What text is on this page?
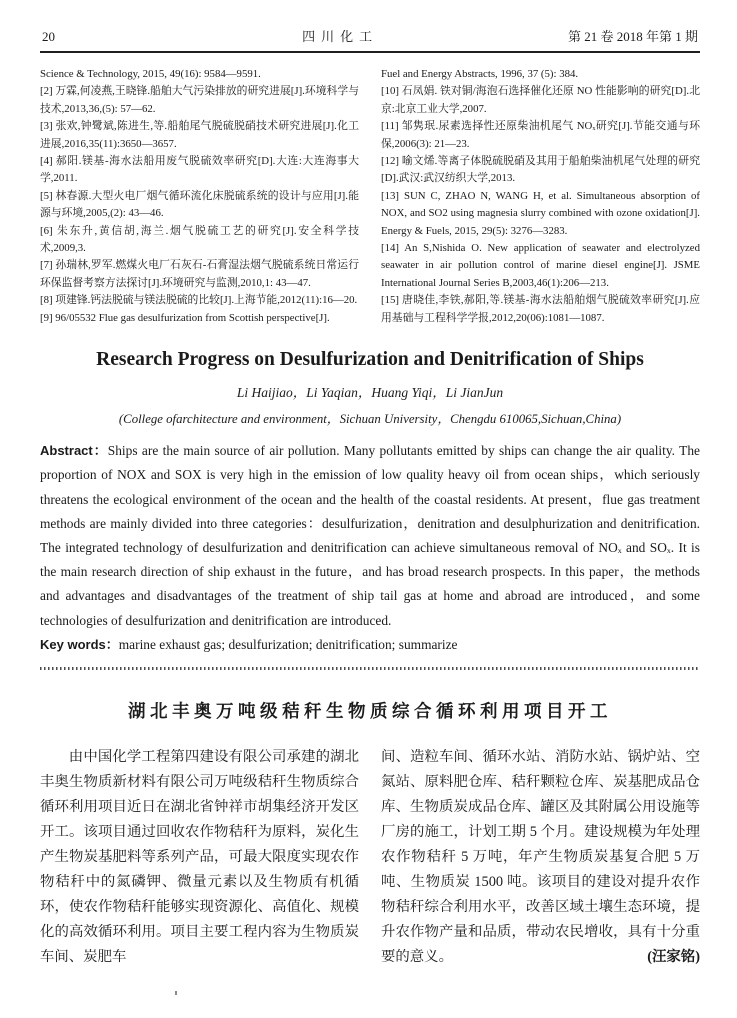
20	四川化工	第 21 卷 2018 年第 1 期

Science & Technology, 2015, 49(16): 9584—9591.

[2] 万霖,何凌燕,王晓锋.船舶大气污染排放的研究进展[J].环境科学与技术,2013,36,(5): 57—62.

[3] 张欢,钟鹭斌,陈进生,等.船舶尾气脱硫脱硝技术研究进展[J].化工进展,2016,35(11):3650—3657.

[4] 郝阳.镁基-海水法船用废气脱硫效率研究[D].大连:大连海事大学,2011.

[5] 林春源.大型火电厂烟气循环流化床脱硫系统的设计与应用[J].能源与环境,2005,(2): 43—46.

[6] 朱东升,黄信胡,海兰.烟气脱硫工艺的研究[J].安全科学技术,2009,3.

[7] 孙瑞林,罗军.燃煤火电厂石灰石-石膏湿法烟气脱硫系统日常运行环保监督考察方法探讨[J].环境研究与监测,2010,1: 43—47.

[8] 项建锋.钙法脱硫与镁法脱硫的比较[J].上海节能,2012(11):16—20.

[9] 96/05532 Flue gas desulfurization from Scottish perspective[J].

Fuel and Energy Abstracts, 1996, 37 (5): 384.

[10] 石凤娟. 铁对铜/海泡石选择催化还原 NO 性能影响的研究[D].北京:北京工业大学,2007.

[11] 邹隽珉.尿素选择性还原柴油机尾气 NOₓ研究[J].节能交通与环保,2006(3): 21—23.

[12] 喻文烯.等离子体脱硫脱硝及其用于船舶柴油机尾气处理的研究[D].武汉:武汉纺织大学,2013.

[13] SUN C, ZHAO N, WANG H, et al. Simultaneous absorption of NOX, and SO2 using magnesia slurry combined with ozone oxidation[J]. Energy & Fuels, 2015, 29(5): 3276—3283.

[14] An S,Nishida O. New application of seawater and electrolyzed seawater in air pollution control of marine diesel engine[J]. JSME International Journal Series B,2003,46(1):206—213.

[15] 唐晓佳,李铁,郝阳,等.镁基-海水法船舶烟气脱硫效率研究[J].应用基础与工程科学学报,2012,20(06):1081—1087.

Research Progress on Desulfurization and Denitrification of Ships
Li Haijiao，Li Yaqian，Huang Yiqi，Li JianJun
(College ofarchitecture and environment，Sichuan University，Chengdu 610065,Sichuan,China)

Abstract：Ships are the main source of air pollution. Many pollutants emitted by ships can change the air quality. The proportion of NOX and SOX is very high in the emission of low quality heavy oil from ocean ships，which seriously threatens the ecological environment of the ocean and the health of the coastal residents. At present，flue gas treatment methods are mainly divided into three categories：desulfurization，denitration and desulphurization and denitrification. The integrated technology of desulfurization and denitrification can achieve simultaneous removal of NOₓ and SOₓ. It is the main research direction of ship exhaust in the future，and has broad research prospects. In this paper，the methods and advantages and disadvantages of the treatment of ship tail gas at home and abroad are introduced，and some technologies of desulfurization and denitrification are introduced.

Key words：marine exhaust gas; desulfurization; denitrification; summarize

湖北丰奥万吨级秸秆生物质综合循环利用项目开工

由中国化学工程第四建设有限公司承建的湖北丰奥生物质新材料有限公司万吨级秸秆生物质综合循环利用项目近日在湖北省钟祥市胡集经济开发区开工。该项目通过回收农作物秸秆为原料，炭化生产生物炭基肥料等系列产品，可最大限度实现农作物秸秆中的氮磷钾、微量元素以及生物质有机循环，使农作物秸秆能够实现资源化、高值化、规模化的高效循环利用。项目主要工程内容为生物质炭车间、炭肥车

间、造粒车间、循环水站、消防水站、锅炉站、空氮站、原料肥仓库、秸秆颗粒仓库、炭基肥成品仓库、生物质炭成品仓库、罐区及其附属公用设施等厂房的施工，计划工期 5 个月。建设规模为年处理农作物秸秆 5 万吨，年产生物质炭基复合肥 5 万吨、生物质炭 1500 吨。该项目的建设对提升农作物秸秆综合利用水平，改善区域土壤生态环境，提升农作物产量和品质，带动农民增收，具有十分重要的意义。	(汪家铭)
